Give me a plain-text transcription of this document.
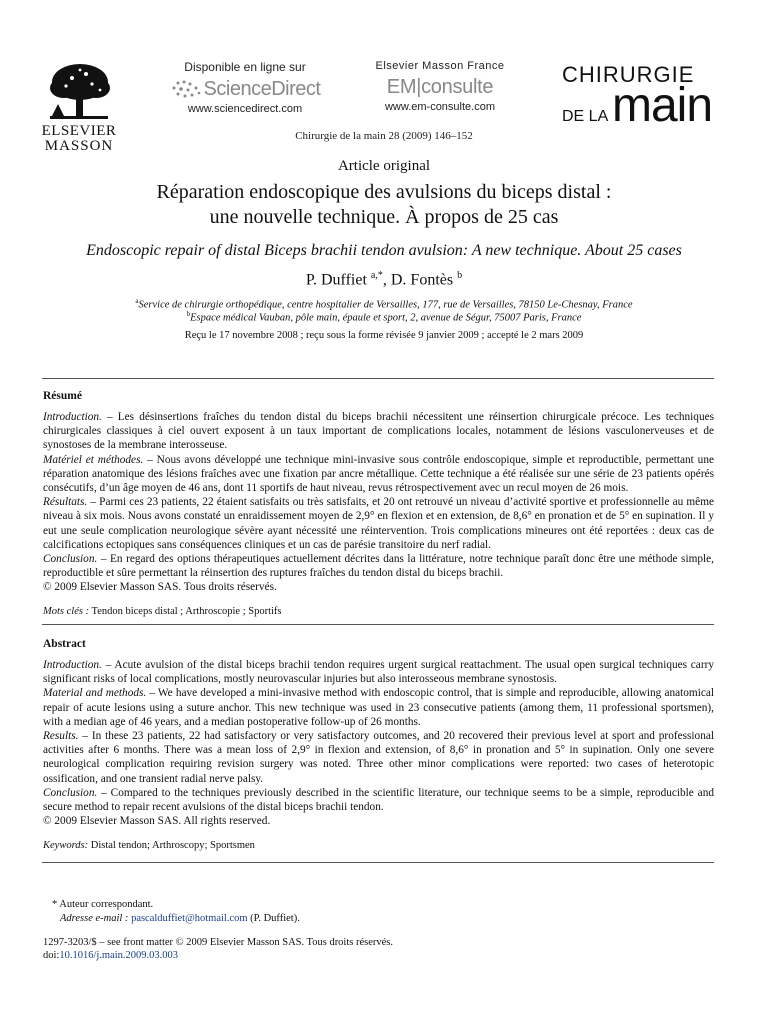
ELSEVIER
MASSON
Disponible en ligne sur
ScienceDirect
www.sciencedirect.com
Elsevier Masson France
EM|consulte
www.em-consulte.com
CHIRURGIE
DE LA main
Chirurgie de la main 28 (2009) 146–152
Article original
Réparation endoscopique des avulsions du biceps distal :
une nouvelle technique. À propos de 25 cas
Endoscopic repair of distal Biceps brachii tendon avulsion: A new technique. About 25 cases
P. Duffiet $^{a,*}$, D. Fontès $^b$
$^a$Service de chirurgie orthopédique, centre hospitalier de Versailles, 177, rue de Versailles, 78150 Le-Chesnay, France
$^b$Espace médical Vauban, pôle main, épaule et sport, 2, avenue de Ségur, 75007 Paris, France
Reçu le 17 novembre 2008 ; reçu sous la forme révisée 9 janvier 2009 ; accepté le 2 mars 2009
Résumé
Introduction. – Les désinsertions fraîches du tendon distal du biceps brachii nécessitent une réinsertion chirurgicale précoce. Les techniques chirurgicales classiques à ciel ouvert exposent à un taux important de complications locales, notamment de lésions vasculonerveuses et de synostoses de la membrane interosseuse.
Matériel et méthodes. – Nous avons développé une technique mini-invasive sous contrôle endoscopique, simple et reproductible, permettant une réparation anatomique des lésions fraîches avec une fixation par ancre métallique. Cette technique a été réalisée sur une série de 23 patients opérés consécutifs, d’un âge moyen de 46 ans, dont 11 sportifs de haut niveau, revus rétrospectivement avec un recul moyen de 26 mois.
Résultats. – Parmi ces 23 patients, 22 étaient satisfaits ou très satisfaits, et 20 ont retrouvé un niveau d’activité sportive et professionnelle au même niveau à six mois. Nous avons constaté un enraidissement moyen de 2,9° en flexion et en extension, de 8,6° en pronation et de 5° en supination. Il y eut une seule complication neurologique sévère ayant nécessité une réintervention. Trois complications mineures ont été reportées : deux cas de calcifications ectopiques sans conséquences cliniques et un cas de parésie transitoire du nerf radial.
Conclusion. – En regard des options thérapeutiques actuellement décrites dans la littérature, notre technique paraît donc être une méthode simple, reproductible et sûre permettant la réinsertion des ruptures fraîches du tendon distal du biceps brachii.
© 2009 Elsevier Masson SAS. Tous droits réservés.
Mots clés : Tendon biceps distal ; Arthroscopie ; Sportifs
Abstract
Introduction. – Acute avulsion of the distal biceps brachii tendon requires urgent surgical reattachment. The usual open surgical techniques carry significant risks of local complications, mostly neurovascular injuries but also interosseous membrane synostosis.
Material and methods. – We have developed a mini-invasive method with endoscopic control, that is simple and reproducible, allowing anatomical repair of acute lesions using a suture anchor. This new technique was used in 23 consecutive patients (among them, 11 professional sportsmen), with a median age of 46 years, and a median postoperative follow-up of 26 months.
Results. – In these 23 patients, 22 had satisfactory or very satisfactory outcomes, and 20 recovered their previous level at sport and professional activities after 6 months. There was a mean loss of 2,9° in flexion and extension, of 8,6° in pronation and 5° in supination. Only one severe neurological complication requiring revision surgery was noted. Three other minor complications were reported: two cases of heterotopic ossification, and one transient radial nerve palsy.
Conclusion. – Compared to the techniques previously described in the scientific literature, our technique seems to be a simple, reproducible and secure method to repair recent avulsions of the distal biceps brachii tendon.
© 2009 Elsevier Masson SAS. All rights reserved.
Keywords: Distal tendon; Arthroscopy; Sportsmen
* Auteur correspondant.
Adresse e-mail : pascalduffiet@hotmail.com (P. Duffiet).
1297-3203/$ – see front matter © 2009 Elsevier Masson SAS. Tous droits réservés.
doi:10.1016/j.main.2009.03.003
